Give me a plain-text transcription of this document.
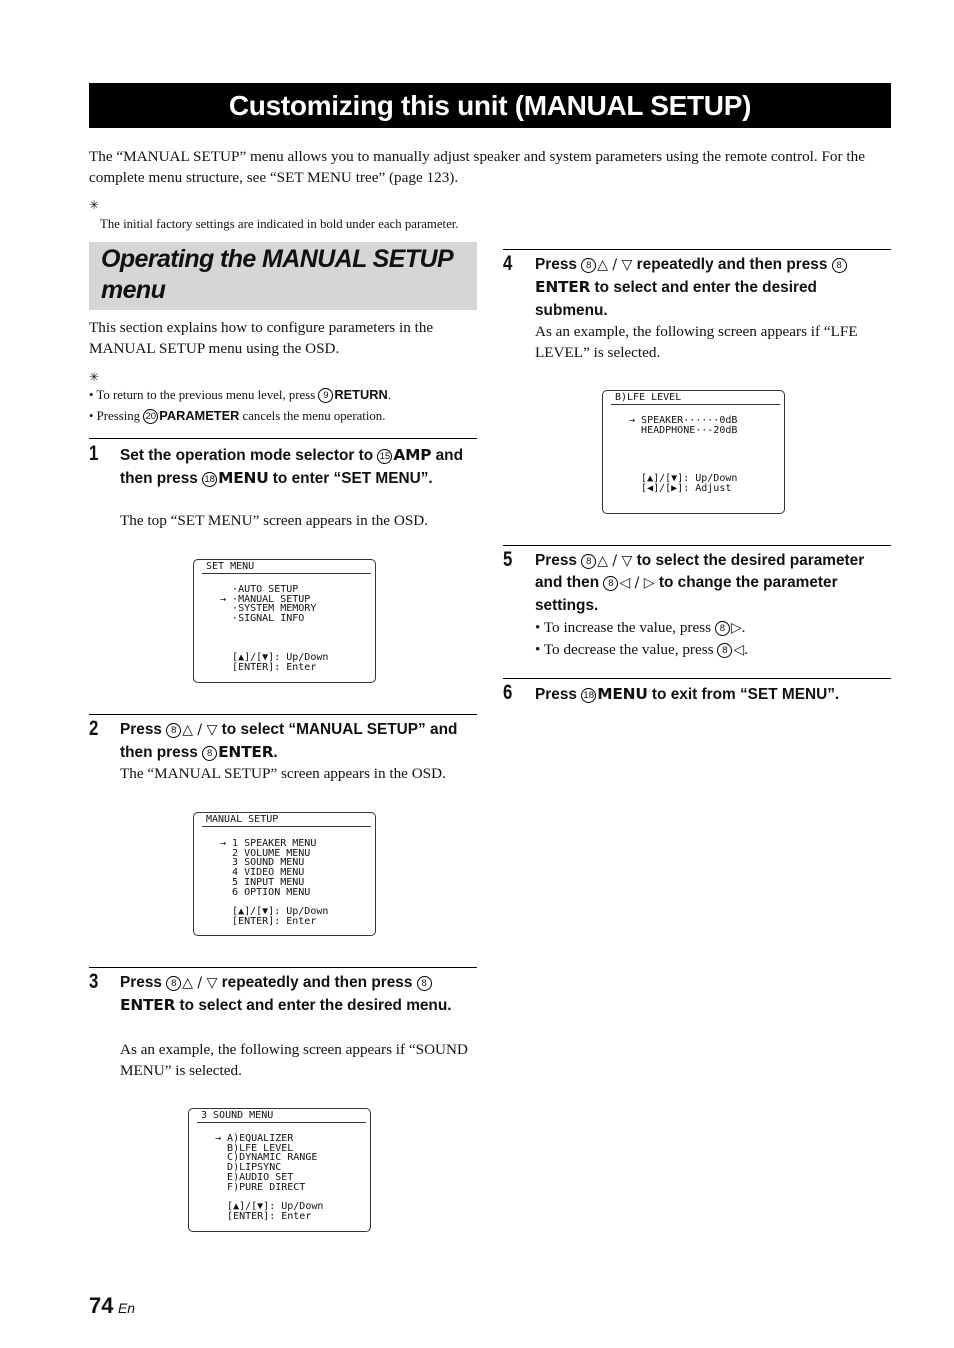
Customizing this unit (MANUAL SETUP)
The “MANUAL SETUP” menu allows you to manually adjust speaker and system parameters using the remote control. For the complete menu structure, see “SET MENU tree” (page 123).
✳
The initial factory settings are indicated in bold under each parameter.
Operating the MANUAL SETUP menu
This section explains how to configure parameters in the MANUAL SETUP menu using the OSD.
✳
• To return to the previous menu level, press 9 RETURN.
• Pressing 20 PARAMETER cancels the menu operation.
1 Set the operation mode selector to 15 AMP and then press 18 MENU to enter “SET MENU”.
The top “SET MENU” screen appears in the OSD.
SET MENU
·AUTO SETUP
→ ·MANUAL SETUP
·SYSTEM MEMORY
·SIGNAL INFO

[▲]/[▼]: Up/Down
[ENTER]: Enter
2 Press 8 △ / ▽ to select “MANUAL SETUP” and then press 8 ENTER.
The “MANUAL SETUP” screen appears in the OSD.
MANUAL SETUP
→ 1 SPEAKER MENU
2 VOLUME MENU
3 SOUND MENU
4 VIDEO MENU
5 INPUT MENU
6 OPTION MENU

[▲]/[▼]: Up/Down
[ENTER]: Enter
3 Press 8 △ / ▽ repeatedly and then press 8ENTER to select and enter the desired menu.
As an example, the following screen appears if “SOUND MENU” is selected.
3 SOUND MENU
→ A)EQUALIZER
B)LFE LEVEL
C)DYNAMIC RANGE
D)LIPSYNC
E)AUDIO SET
F)PURE DIRECT

[▲]/[▼]: Up/Down
[ENTER]: Enter
4 Press 8 △ / ▽ repeatedly and then press 8ENTER to select and enter the desired submenu.
As an example, the following screen appears if “LFE LEVEL” is selected.
B)LFE LEVEL
→ SPEAKER······0dB
HEADPHONE··-20dB

[▲]/[▼]: Up/Down
[◀]/[▶]: Adjust
5 Press 8 △ / ▽ to select the desired parameter and then 8 ◁ / ▷ to change the parameter settings.
• To increase the value, press 8 ▷.
• To decrease the value, press 8 ◁.
6 Press 18 MENU to exit from “SET MENU”.
74 En
